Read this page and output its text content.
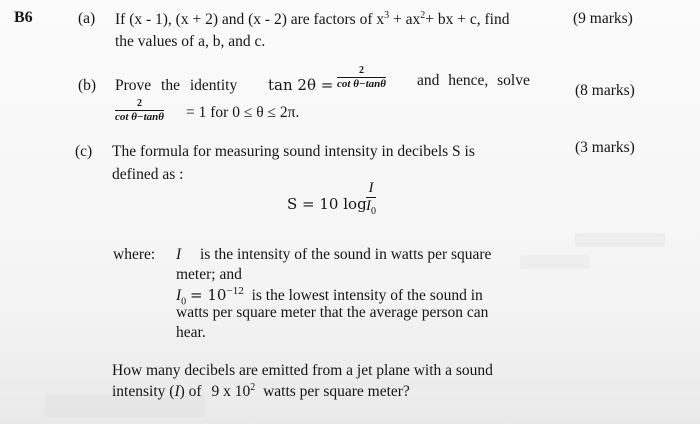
B6	(a) If (x - 1), (x + 2) and (x - 2) are factors of $x^3 + ax^2+$ bx + c, find
the values of a, b, and c.
(9 marks)
(b) Prove the identity $\tan 2\theta = \frac{2}{\text{cot θ−tanθ}}$ and hence, solve
(8 marks)
$\frac{2}{\text{cot θ−tanθ}} = 1$ for 0 ≤ θ ≤ 2π.
(c) The formula for measuring sound intensity in decibels S is
defined as :
(3 marks)
S = 10 $\log \frac{I}{I_0}$
where: I is the intensity of the sound in watts per square
meter; and
$I_0 = 10^{-12}$ is the lowest intensity of the sound in
watts per square meter that the average person can
hear.
How many decibels are emitted from a jet plane with a sound
intensity (I) of 9 x $10^2$ watts per square meter?
